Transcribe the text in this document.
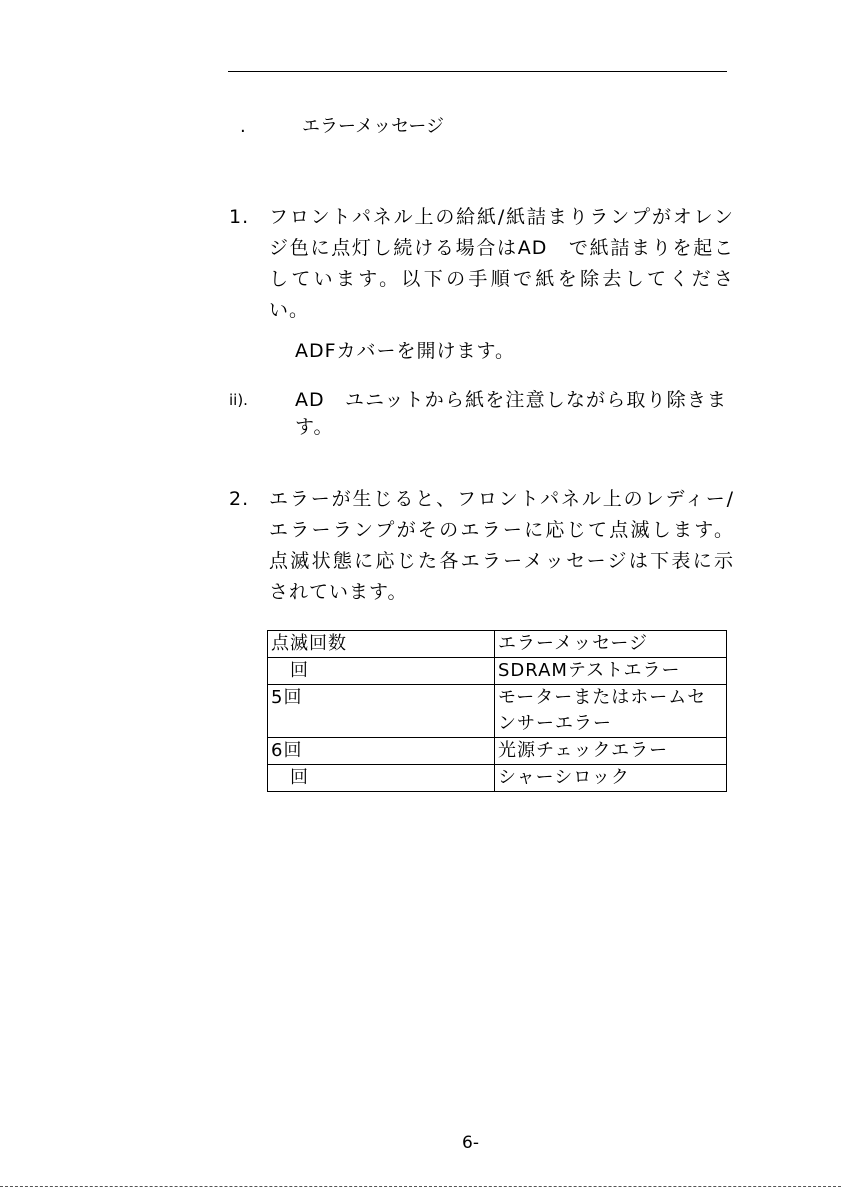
.	エラーメッセージ
1. フロントパネル上の給紙/紙詰まりランプがオレン
ジ色に点灯し続ける場合はAD　で紙詰まりを起こ
しています。以下の手順で紙を除去してくださ
い。
ADFカバーを開けます。
ii). AD　ユニットから紙を注意しながら取り除きま
す。
2. エラーが生じると、フロントパネル上のレディー/
エラーランプがそのエラーに応じて点滅します。
点滅状態に応じた各エラーメッセージは下表に示
されています。
点滅回数	エラーメッセージ
　回	SDRAMテストエラー
5回	モーターまたはホームセンサーエラー
6回	光源チェックエラー
　回	シャーシロック
6-
